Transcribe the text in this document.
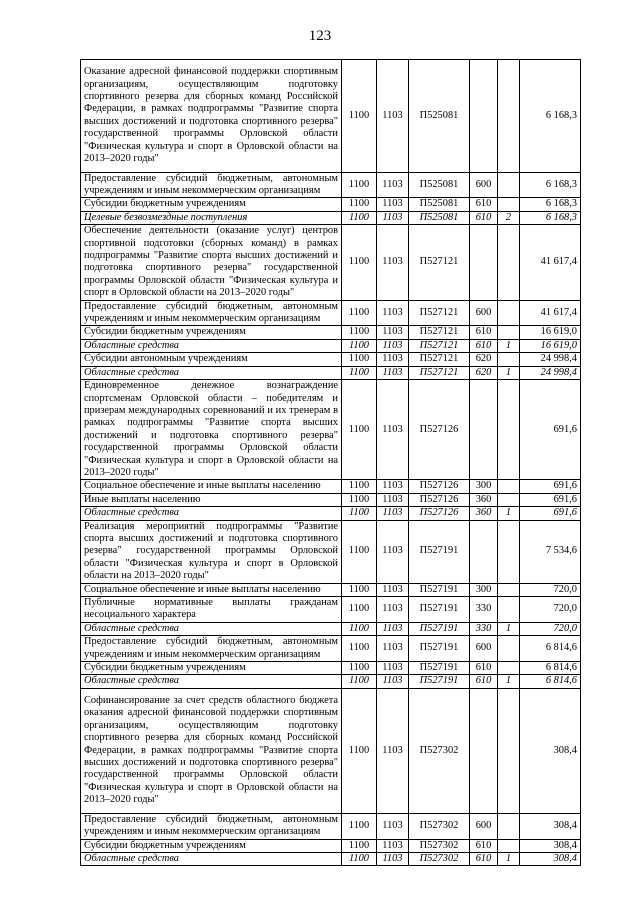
123
Оказание адресной финансовой поддержки спортивным организациям, осуществляющим подготовку спортивного резерва для сборных команд Российской Федерации, в рамках подпрограммы "Развитие спорта высших достижений и подготовка спортивного резерва" государственной программы Орловской области "Физическая культура и спорт в Орловской области на 2013–2020 годы"	1100	1103	П525081			6 168,3
Предоставление субсидий бюджетным, автономным учреждениям и иным некоммерческим организациям	1100	1103	П525081	600		6 168,3
Субсидии бюджетным учреждениям	1100	1103	П525081	610		6 168,3
Целевые безвозмездные поступления	1100	1103	П525081	610	2	6 168,3
Обеспечение деятельности (оказание услуг) центров спортивной подготовки (сборных команд) в рамках подпрограммы "Развитие спорта высших достижений и подготовка спортивного резерва" государственной программы Орловской области "Физическая культура и спорт в Орловской области на 2013–2020 годы"	1100	1103	П527121			41 617,4
Предоставление субсидий бюджетным, автономным учреждениям и иным некоммерческим организациям	1100	1103	П527121	600		41 617,4
Субсидии бюджетным учреждениям	1100	1103	П527121	610		16 619,0
Областные средства	1100	1103	П527121	610	1	16 619,0
Субсидии автономным учреждениям	1100	1103	П527121	620		24 998,4
Областные средства	1100	1103	П527121	620	1	24 998,4
Единовременное денежное вознаграждение спортсменам Орловской области – победителям и призерам международных соревнований и их тренерам в рамках подпрограммы "Развитие спорта высших достижений и подготовка спортивного резерва" государственной программы Орловской области "Физическая культура и спорт в Орловской области на 2013–2020 годы"	1100	1103	П527126			691,6
Социальное обеспечение и иные выплаты населению	1100	1103	П527126	300		691,6
Иные выплаты населению	1100	1103	П527126	360		691,6
Областные средства	1100	1103	П527126	360	1	691,6
Реализация мероприятий подпрограммы "Развитие спорта высших достижений и подготовка спортивного резерва" государственной программы Орловской области "Физическая культура и спорт в Орловской области на 2013–2020 годы"	1100	1103	П527191			7 534,6
Социальное обеспечение и иные выплаты населению	1100	1103	П527191	300		720,0
Публичные нормативные выплаты гражданам несоциального характера	1100	1103	П527191	330		720,0
Областные средства	1100	1103	П527191	330	1	720,0
Предоставление субсидий бюджетным, автономным учреждениям и иным некоммерческим организациям	1100	1103	П527191	600		6 814,6
Субсидии бюджетным учреждениям	1100	1103	П527191	610		6 814,6
Областные средства	1100	1103	П527191	610	1	6 814,6
Софинансирование за счет средств областного бюджета оказания адресной финансовой поддержки спортивным организациям, осуществляющим подготовку спортивного резерва для сборных команд Российской Федерации, в рамках подпрограммы "Развитие спорта высших достижений и подготовка спортивного резерва" государственной программы Орловской области "Физическая культура и спорт в Орловской области на 2013–2020 годы"	1100	1103	П527302			308,4
Предоставление субсидий бюджетным, автономным учреждениям и иным некоммерческим организациям	1100	1103	П527302	600		308,4
Субсидии бюджетным учреждениям	1100	1103	П527302	610		308,4
Областные средства	1100	1103	П527302	610	1	308,4
